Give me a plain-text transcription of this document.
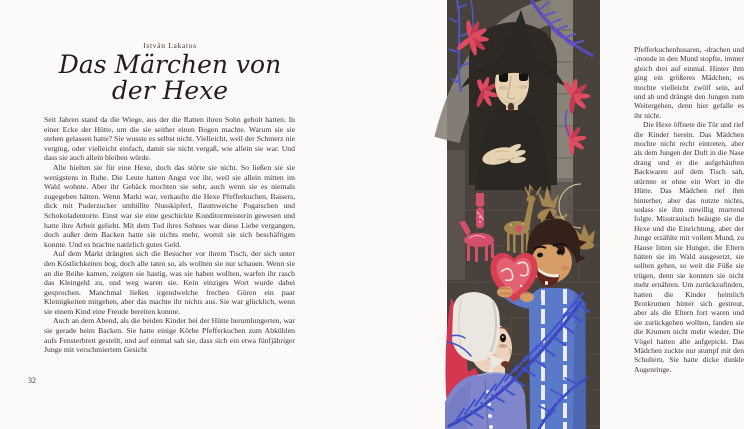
István Lakatos
Das Märchen von
der Hexe

Seit Jahren stand da die Wiege, aus der die Ratten ihren Sohn geholt hatten. In einer Ecke der Hütte, um die sie seither einen Bogen machte. Warum sie sie stehen gelassen hatte? Sie wusste es selbst nicht. Vielleicht, weil der Schmerz nie verging, oder vielleicht einfach, damit sie nicht vergaß, wie allein sie war. Und dass sie auch allein bleiben würde.

Alle hielten sie für eine Hexe, doch das störte sie nicht. So ließen sie sie wenigstens in Ruhe. Die Leute hatten Angst vor ihr, weil sie allein mitten im Wald wohnte. Aber ihr Gebäck mochten sie sehr, auch wenn sie es niemals zugegeben hätten. Wenn Markt war, verkaufte die Hexe Pfefferkuchen, Baisers, dick mit Puderzucker umhüllte Nusskipferl, flaumweiche Pogatschen und Schokoladentorte. Einst war sie eine geschickte Konditormeisterin gewesen und hatte ihre Arbeit geliebt. Mit dem Tod ihres Sohnes war diese Liebe vergangen, doch außer dem Backen hatte sie nichts mehr, womit sie sich beschäftigen konnte. Und es brachte natürlich gutes Geld.

Auf dem Markt drängten sich die Besucher vor ihrem Tisch, der sich unter den Köstlichkeiten bog, doch alle taten so, als wollten sie nur schauen. Wenn sie an die Reihe kamen, zeigten sie hastig, was sie haben wollten, warfen ihr rasch das Kleingeld zu, und weg waren sie. Kein einziges Wort wurde dabei gesprochen. Manchmal ließen irgendwelche frechen Gören ein paar Kleinigkeiten mitgehen, aber das machte ihr nichts aus. Sie war glücklich, wenn sie einem Kind eine Freude bereiten konnte.

Auch an dem Abend, als die beiden Kinder bei der Hütte herumlungerten, war sie gerade beim Backen. Sie hatte einige Körbe Pfefferkuchen zum Abkühlen aufs Fensterbrett gestellt, und auf einmal sah sie, dass sich ein etwa fünfjähriger Junge mit verschmiertem Gesicht

32

Pfefferkuchenhusaren, -drachen und -monde in den Mund stopfte, immer gleich drei auf einmal. Hinter ihm ging ein größeres Mädchen, es mochte vielleicht zwölf sein, auf und ab und drängte den Jungen zum Weitergehen, denn hier gefalle es ihr nicht.

Die Hexe öffnete die Tür und rief die Kinder herein. Das Mädchen mochte nicht recht eintreten, aber als dem Jungen der Duft in die Nase drang und er die aufgehäuften Backwaren auf dem Tisch sah, stürmte er ohne ein Wort in die Hütte. Das Mädchen rief ihm hinterher, aber das nutzte nichts, sodass sie ihm unwillig murrend folgte. Misstrauisch beäugte sie die Hexe und die Einrichtung, aber der Junge erzählte mit vollem Mund, zu Hause litten sie Hunger, die Eltern hätten sie im Wald ausgesetzt, sie sollten gehen, so weit die Füße sie trügen, denn sie konnten sie nicht mehr ernähren. Um zurückzufinden, hatten die Kinder heimlich Brotkrumen hinter sich gestreut, aber als die Eltern fort waren und sie zurückgehen wollten, fanden sie die Krumen nicht mehr wieder. Die Vögel hatten alle aufgepickt. Das Mädchen zuckte nur stumpf mit den Schultern. Sie hatte dicke dunkle Augenringe.
